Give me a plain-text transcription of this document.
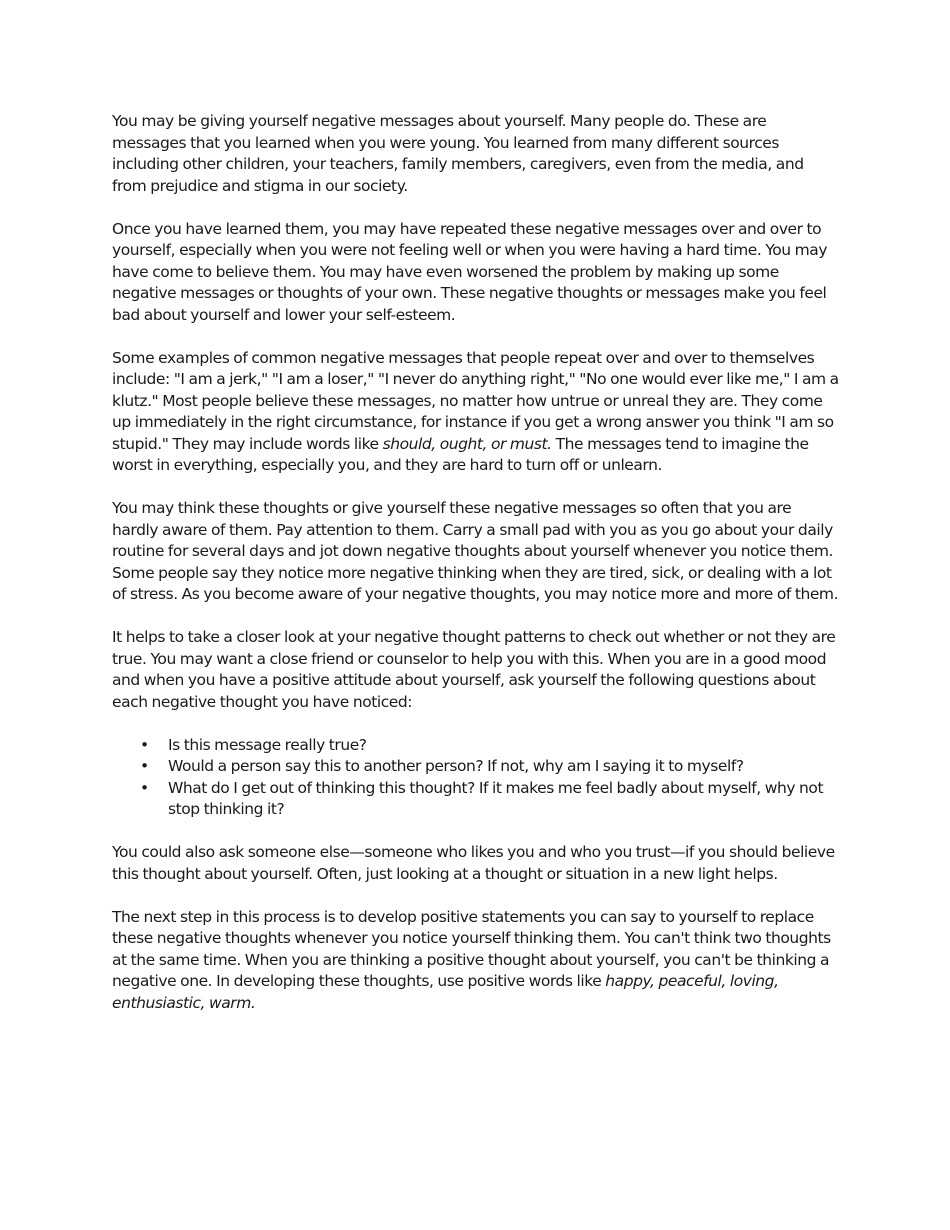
You may be giving yourself negative messages about yourself. Many people do. These are messages that you learned when you were young. You learned from many different sources including other children, your teachers, family members, caregivers, even from the media, and from prejudice and stigma in our society.

Once you have learned them, you may have repeated these negative messages over and over to yourself, especially when you were not feeling well or when you were having a hard time. You may have come to believe them. You may have even worsened the problem by making up some negative messages or thoughts of your own. These negative thoughts or messages make you feel bad about yourself and lower your self-esteem.

Some examples of common negative messages that people repeat over and over to themselves include: "I am a jerk," "I am a loser," "I never do anything right," "No one would ever like me," I am a klutz." Most people believe these messages, no matter how untrue or unreal they are. They come up immediately in the right circumstance, for instance if you get a wrong answer you think "I am so stupid." They may include words like should, ought, or must. The messages tend to imagine the worst in everything, especially you, and they are hard to turn off or unlearn.

You may think these thoughts or give yourself these negative messages so often that you are hardly aware of them. Pay attention to them. Carry a small pad with you as you go about your daily routine for several days and jot down negative thoughts about yourself whenever you notice them. Some people say they notice more negative thinking when they are tired, sick, or dealing with a lot of stress. As you become aware of your negative thoughts, you may notice more and more of them.

It helps to take a closer look at your negative thought patterns to check out whether or not they are true. You may want a close friend or counselor to help you with this. When you are in a good mood and when you have a positive attitude about yourself, ask yourself the following questions about each negative thought you have noticed:

• Is this message really true?
• Would a person say this to another person? If not, why am I saying it to myself?
• What do I get out of thinking this thought? If it makes me feel badly about myself, why not stop thinking it?

You could also ask someone else—someone who likes you and who you trust—if you should believe this thought about yourself. Often, just looking at a thought or situation in a new light helps.

The next step in this process is to develop positive statements you can say to yourself to replace these negative thoughts whenever you notice yourself thinking them. You can't think two thoughts at the same time. When you are thinking a positive thought about yourself, you can't be thinking a negative one. In developing these thoughts, use positive words like happy, peaceful, loving, enthusiastic, warm.
